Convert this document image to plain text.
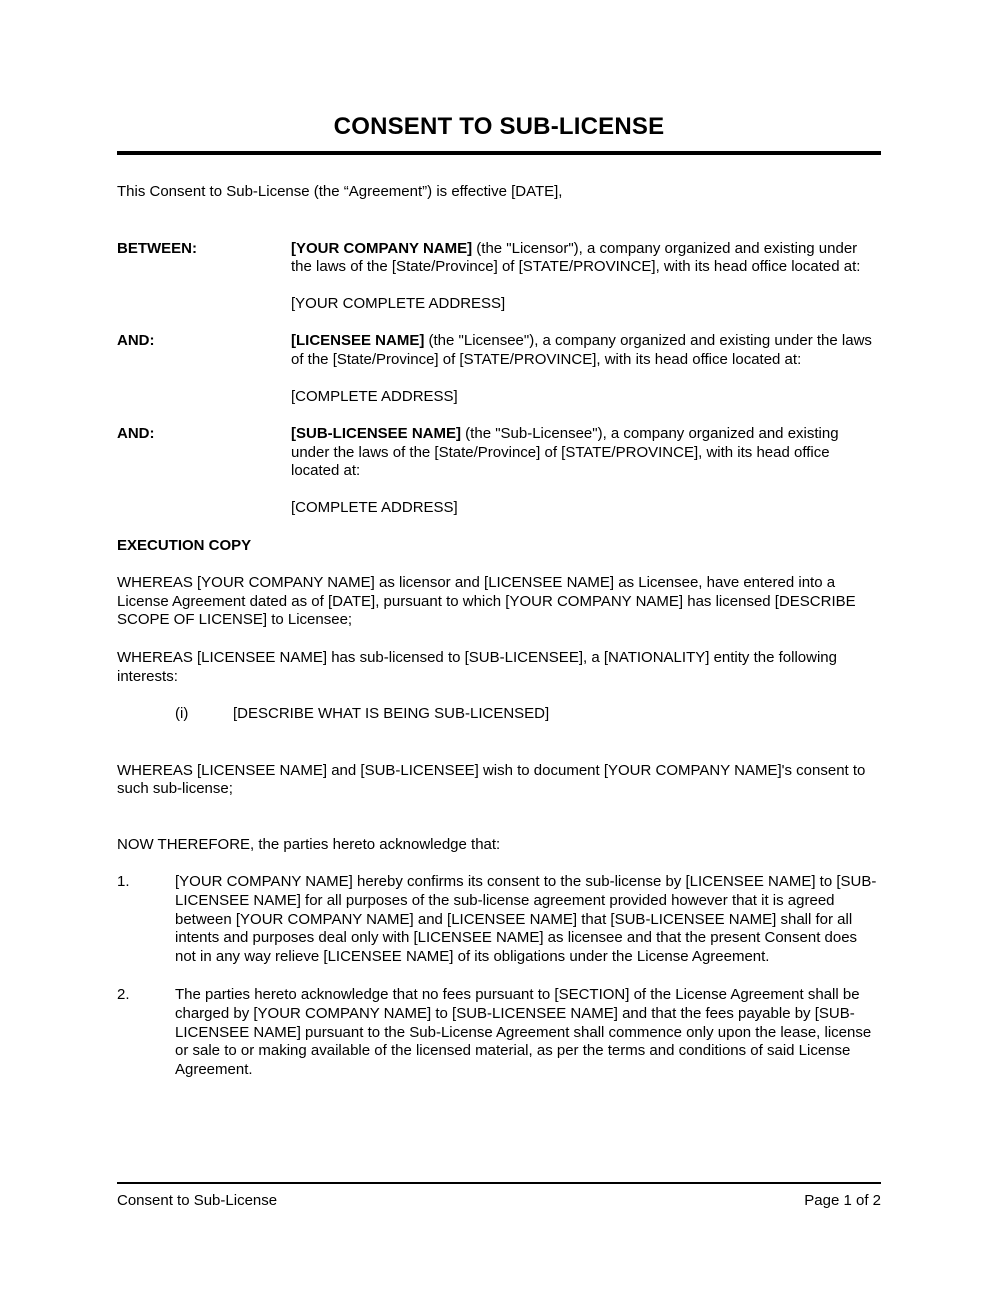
CONSENT TO SUB-LICENSE

This Consent to Sub-License (the “Agreement”) is effective [DATE],

BETWEEN:	[YOUR COMPANY NAME] (the "Licensor"), a company organized and existing under the laws of the [State/Province] of [STATE/PROVINCE], with its head office located at:

[YOUR COMPLETE ADDRESS]

AND:	[LICENSEE NAME] (the "Licensee"), a company organized and existing under the laws of the [State/Province] of [STATE/PROVINCE], with its head office located at:

[COMPLETE ADDRESS]

AND:	[SUB-LICENSEE NAME] (the "Sub-Licensee"), a company organized and existing under the laws of the [State/Province] of [STATE/PROVINCE], with its head office located at:

[COMPLETE ADDRESS]

EXECUTION COPY

WHEREAS [YOUR COMPANY NAME] as licensor and [LICENSEE NAME] as Licensee, have entered into a License Agreement dated as of [DATE], pursuant to which [YOUR COMPANY NAME] has licensed [DESCRIBE SCOPE OF LICENSE] to Licensee;

WHEREAS [LICENSEE NAME] has sub-licensed to [SUB-LICENSEE], a [NATIONALITY] entity the following interests:

(i)	[DESCRIBE WHAT IS BEING SUB-LICENSED]

WHEREAS [LICENSEE NAME] and [SUB-LICENSEE] wish to document [YOUR COMPANY NAME]'s consent to such sub-license;

NOW THEREFORE, the parties hereto acknowledge that:

1.	[YOUR COMPANY NAME] hereby confirms its consent to the sub-license by [LICENSEE NAME] to [SUB-LICENSEE NAME] for all purposes of the sub-license agreement provided however that it is agreed between [YOUR COMPANY NAME] and [LICENSEE NAME] that [SUB-LICENSEE NAME] shall for all intents and purposes deal only with [LICENSEE NAME] as licensee and that the present Consent does not in any way relieve [LICENSEE NAME] of its obligations under the License Agreement.
2.	The parties hereto acknowledge that no fees pursuant to [SECTION] of the License Agreement shall be charged by [YOUR COMPANY NAME] to [SUB-LICENSEE NAME] and that the fees payable by [SUB-LICENSEE NAME] pursuant to the Sub-License Agreement shall commence only upon the lease, license or sale to or making available of the licensed material, as per the terms and conditions of said License Agreement.
Consent to Sub-License	Page 1 of 2
